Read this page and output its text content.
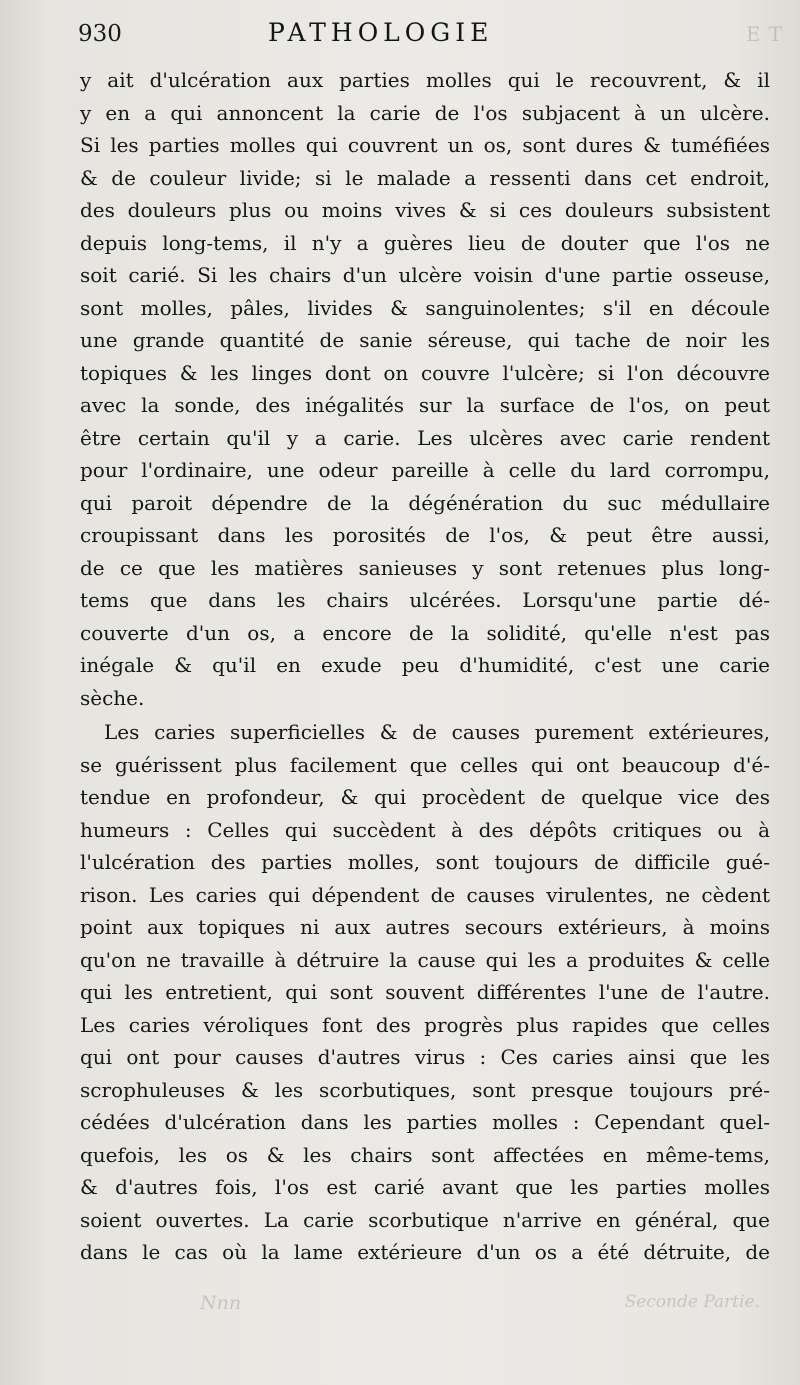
ET
Nnn	Seconde Partie.
930	PATHOLOGIE
y ait d'ulcération aux parties molles qui le recouvrent, & il
y en a qui annoncent la carie de l'os subjacent à un ulcère.
Si les parties molles qui couvrent un os, sont dures & tuméfiées
& de couleur livide; si le malade a ressenti dans cet endroit,
des douleurs plus ou moins vives & si ces douleurs subsistent
depuis long-tems, il n'y a guères lieu de douter que l'os ne
soit carié. Si les chairs d'un ulcère voisin d'une partie osseuse,
sont molles, pâles, livides & sanguinolentes; s'il en découle
une grande quantité de sanie séreuse, qui tache de noir les
topiques & les linges dont on couvre l'ulcère; si l'on découvre
avec la sonde, des inégalités sur la surface de l'os, on peut
être certain qu'il y a carie. Les ulcères avec carie rendent
pour l'ordinaire, une odeur pareille à celle du lard corrompu,
qui paroit dépendre de la dégénération du suc médullaire
croupissant dans les porosités de l'os, & peut être aussi,
de ce que les matières sanieuses y sont retenues plus long-
tems que dans les chairs ulcérées. Lorsqu'une partie dé-
couverte d'un os, a encore de la solidité, qu'elle n'est pas
inégale & qu'il en exude peu d'humidité, c'est une carie
sèche.
Les caries superficielles & de causes purement extérieures,
se guérissent plus facilement que celles qui ont beaucoup d'é-
tendue en profondeur, & qui procèdent de quelque vice des
humeurs : Celles qui succèdent à des dépôts critiques ou à
l'ulcération des parties molles, sont toujours de difficile gué-
rison. Les caries qui dépendent de causes virulentes, ne cèdent
point aux topiques ni aux autres secours extérieurs, à moins
qu'on ne travaille à détruire la cause qui les a produites & celle
qui les entretient, qui sont souvent différentes l'une de l'autre.
Les caries véroliques font des progrès plus rapides que celles
qui ont pour causes d'autres virus : Ces caries ainsi que les
scrophuleuses & les scorbutiques, sont presque toujours pré-
cédées d'ulcération dans les parties molles : Cependant quel-
quefois, les os & les chairs sont affectées en même-tems,
& d'autres fois, l'os est carié avant que les parties molles
soient ouvertes. La carie scorbutique n'arrive en général, que
dans le cas où la lame extérieure d'un os a été détruite, de
